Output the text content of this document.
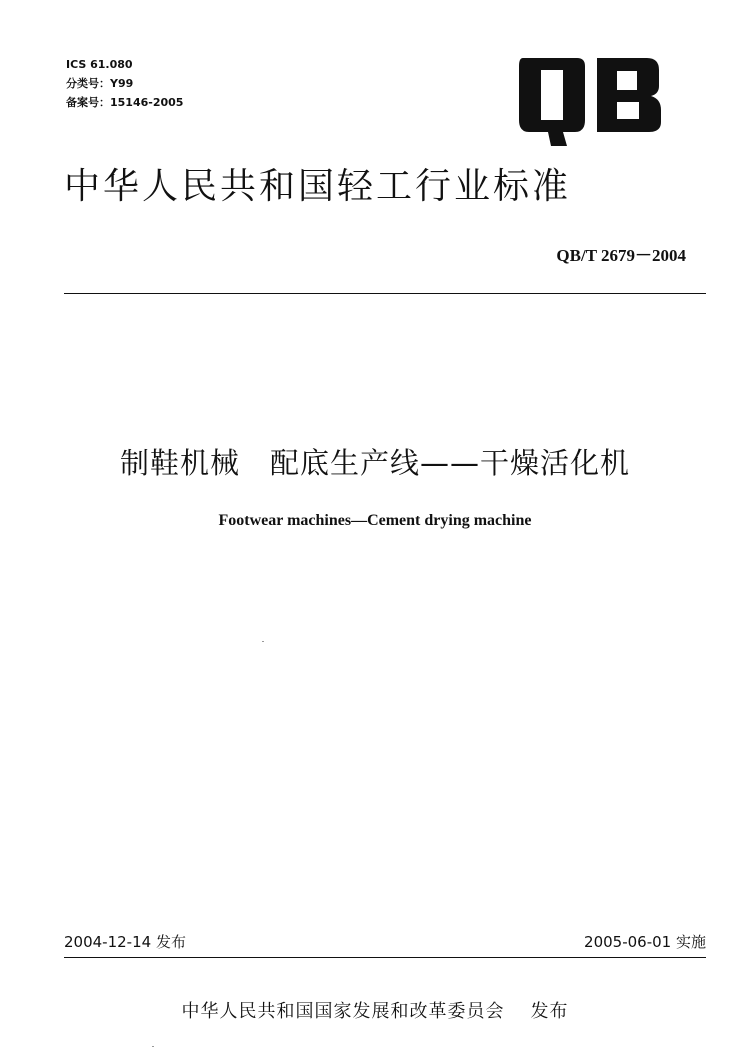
ICS 61.080
分类号：Y99
备案号：15146-2005
中华人民共和国轻工行业标准
QB/T 2679－2004
制鞋机械　配底生产线——干燥活化机
Footwear machines—Cement drying machine
2004-12-14 发布	2005-06-01 实施
中华人民共和国国家发展和改革委员会 发布
